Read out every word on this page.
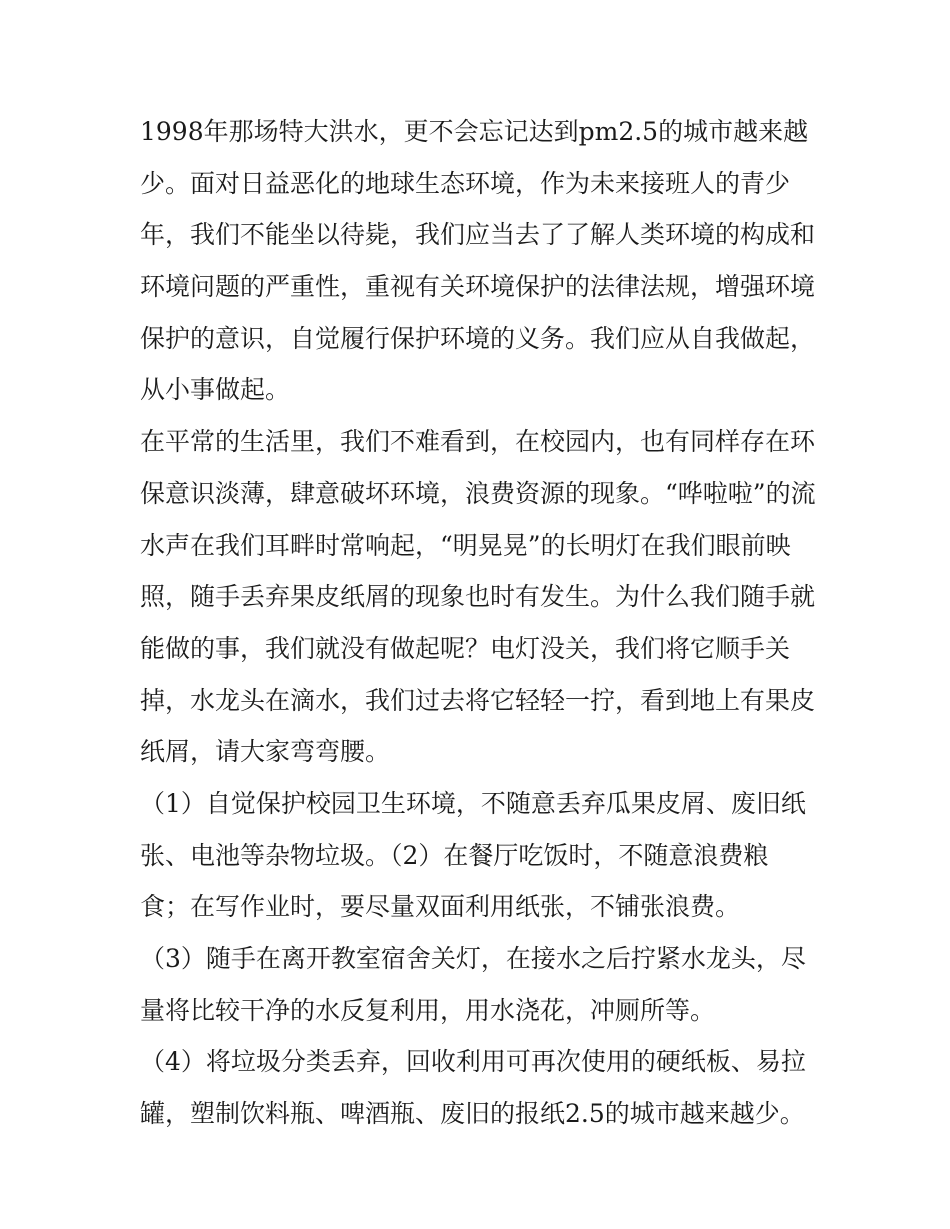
1998年那场特大洪水，更不会忘记达到pm2.5的城市越来越
少。面对日益恶化的地球生态环境，作为未来接班人的青少
年，我们不能坐以待毙，我们应当去了了解人类环境的构成和
环境问题的严重性，重视有关环境保护的法律法规，增强环境
保护的意识，自觉履行保护环境的义务。我们应从自我做起，
从小事做起。
在平常的生活里，我们不难看到，在校园内，也有同样存在环
保意识淡薄，肆意破坏环境，浪费资源的现象。“哗啦啦”的流
水声在我们耳畔时常响起，“明晃晃”的长明灯在我们眼前映
照，随手丢弃果皮纸屑的现象也时有发生。为什么我们随手就
能做的事，我们就没有做起呢？电灯没关，我们将它顺手关
掉，水龙头在滴水，我们过去将它轻轻一拧，看到地上有果皮
纸屑，请大家弯弯腰。
（1）自觉保护校园卫生环境，不随意丢弃瓜果皮屑、废旧纸
张、电池等杂物垃圾。（2）在餐厅吃饭时，不随意浪费粮
食；在写作业时，要尽量双面利用纸张，不铺张浪费。
（3）随手在离开教室宿舍关灯，在接水之后拧紧水龙头，尽
量将比较干净的水反复利用，用水浇花，冲厕所等。
（4）将垃圾分类丢弃，回收利用可再次使用的硬纸板、易拉
罐，塑制饮料瓶、啤酒瓶、废旧的报纸2.5的城市越来越少。
